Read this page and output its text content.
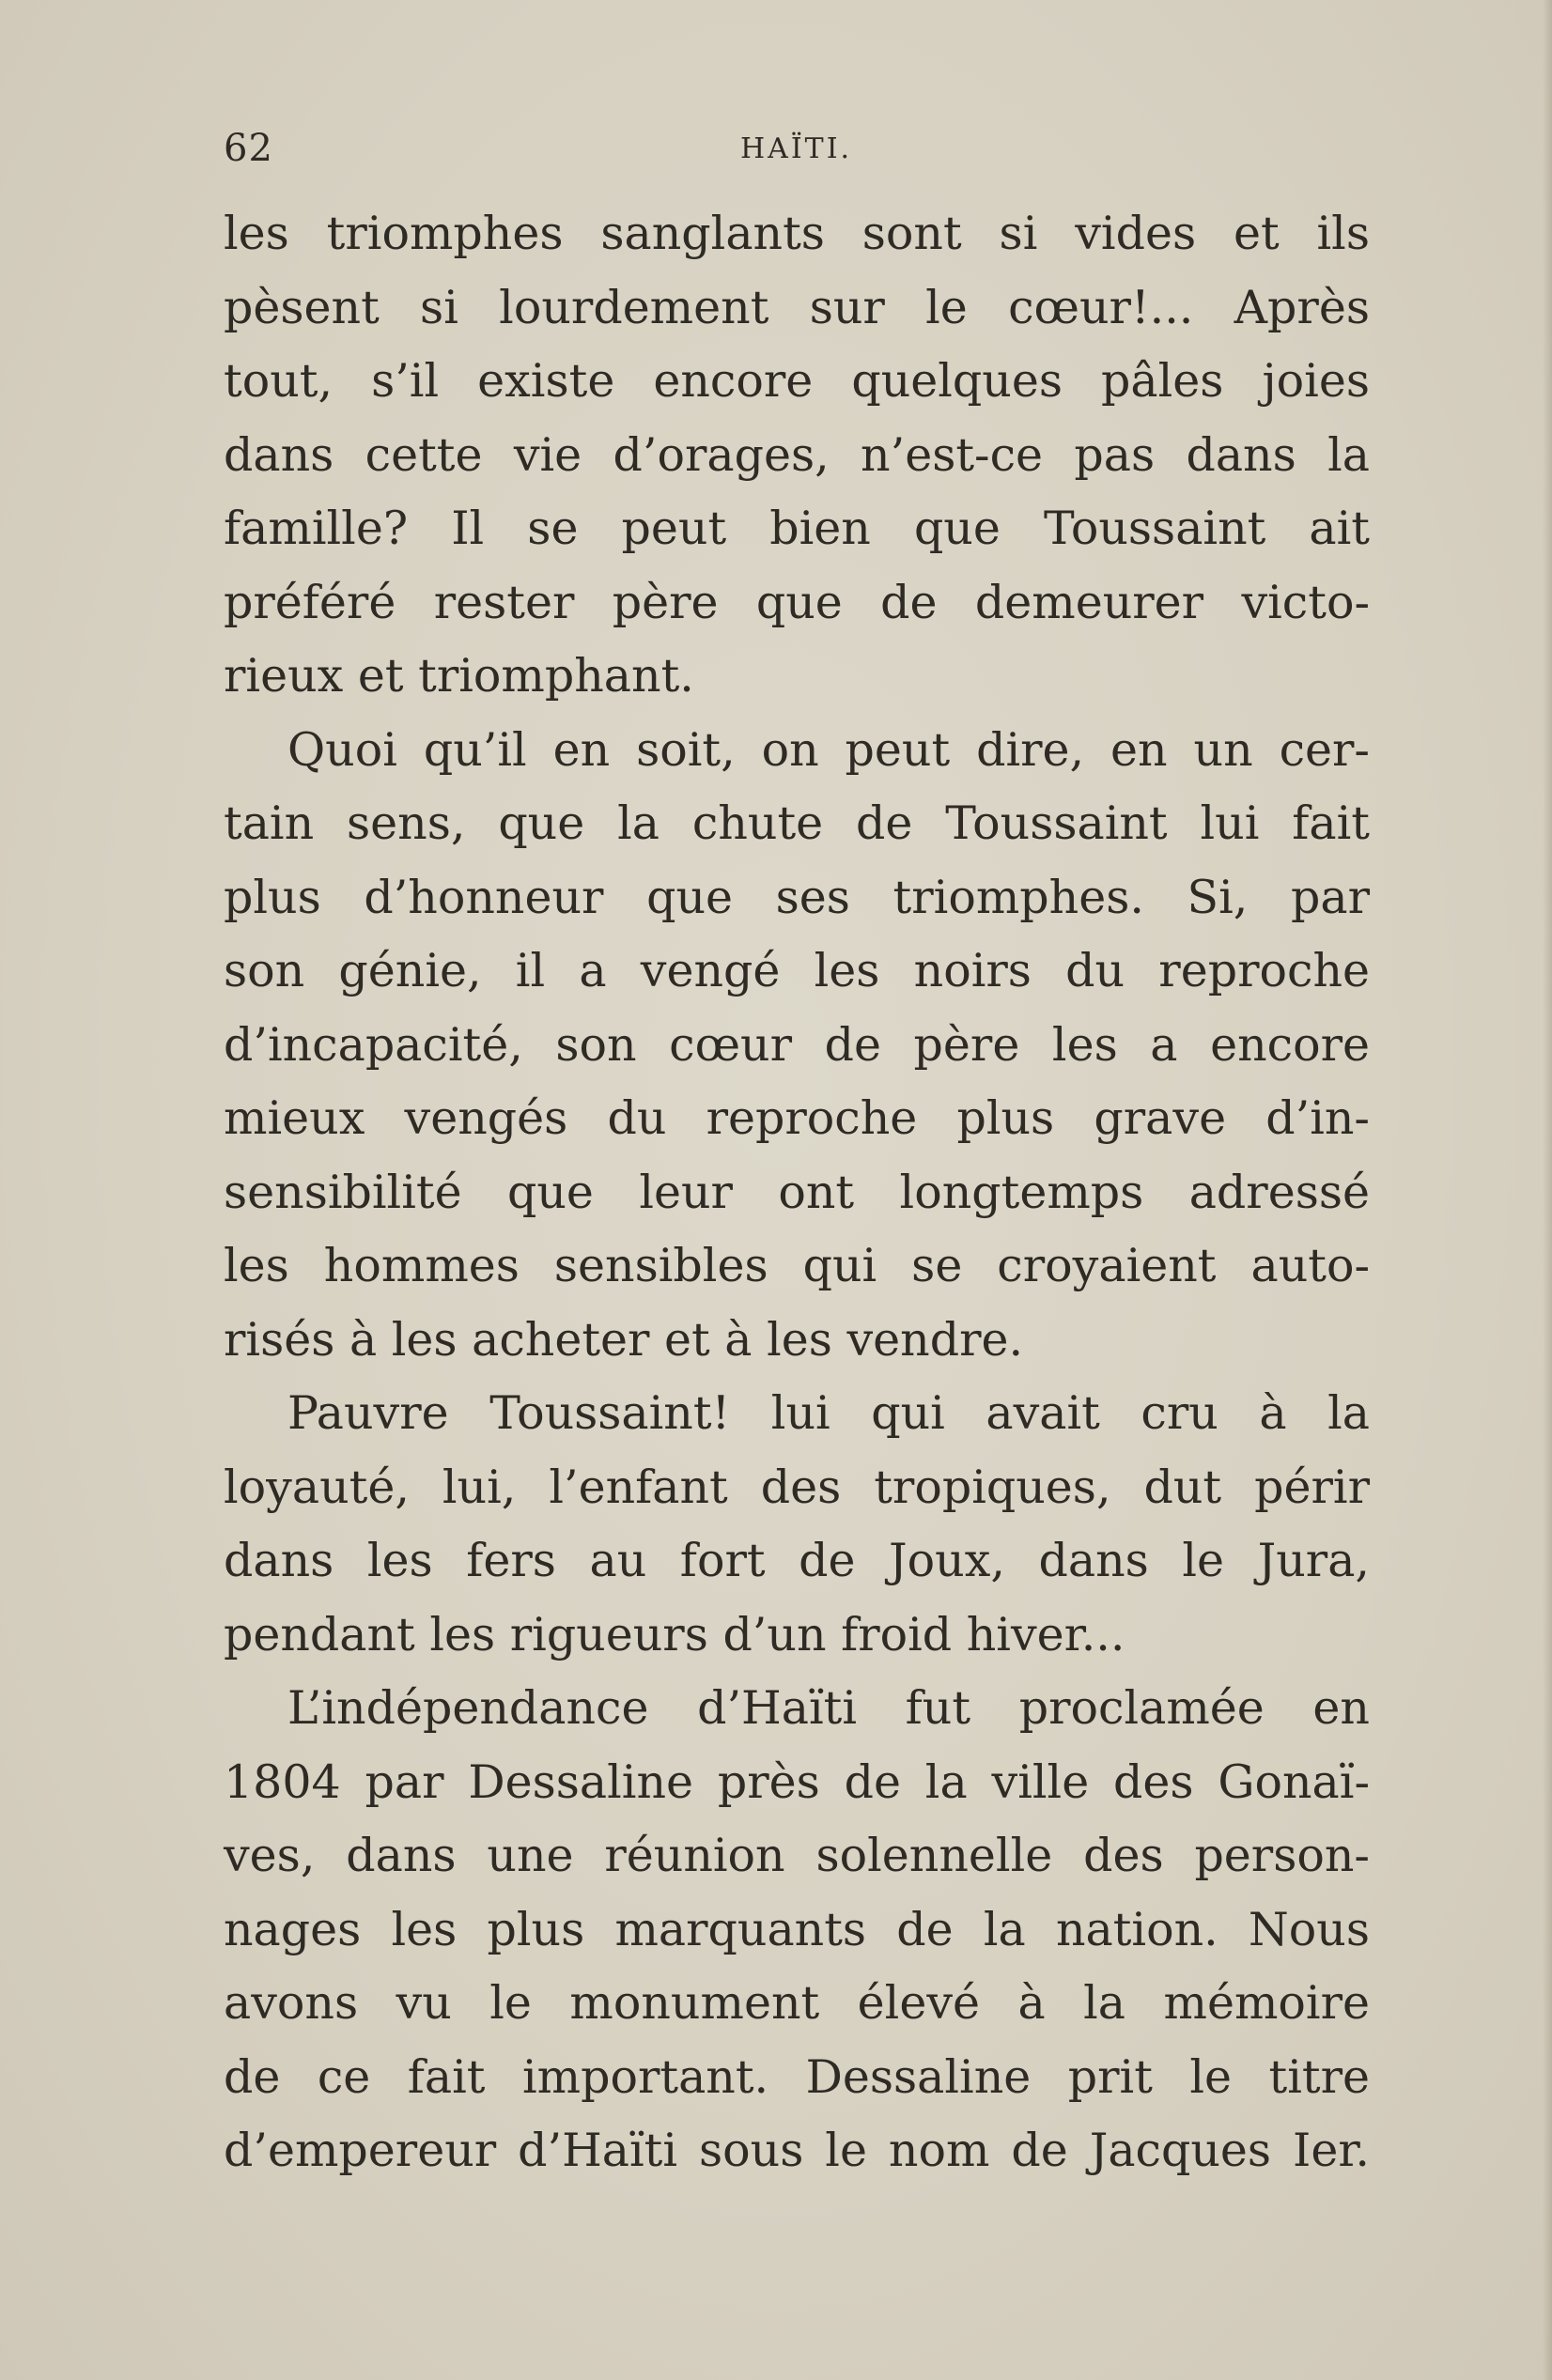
62	HAÏTI.
les triomphes sanglants sont si vides et ils
pèsent si lourdement sur le cœur!... Après
tout, s’il existe encore quelques pâles joies
dans cette vie d’orages, n’est-ce pas dans la
famille? Il se peut bien que Toussaint ait
préféré rester père que de demeurer victo-
rieux et triomphant.
Quoi qu’il en soit, on peut dire, en un cer-
tain sens, que la chute de Toussaint lui fait
plus d’honneur que ses triomphes. Si, par
son génie, il a vengé les noirs du reproche
d’incapacité, son cœur de père les a encore
mieux vengés du reproche plus grave d’in-
sensibilité que leur ont longtemps adressé
les hommes sensibles qui se croyaient auto-
risés à les acheter et à les vendre.
Pauvre Toussaint! lui qui avait cru à la
loyauté, lui, l’enfant des tropiques, dut périr
dans les fers au fort de Joux, dans le Jura,
pendant les rigueurs d’un froid hiver...
L’indépendance d’Haïti fut proclamée en
1804 par Dessaline près de la ville des Gonaï-
ves, dans une réunion solennelle des person-
nages les plus marquants de la nation. Nous
avons vu le monument élevé à la mémoire
de ce fait important. Dessaline prit le titre
d’empereur d’Haïti sous le nom de Jacques Ier.
